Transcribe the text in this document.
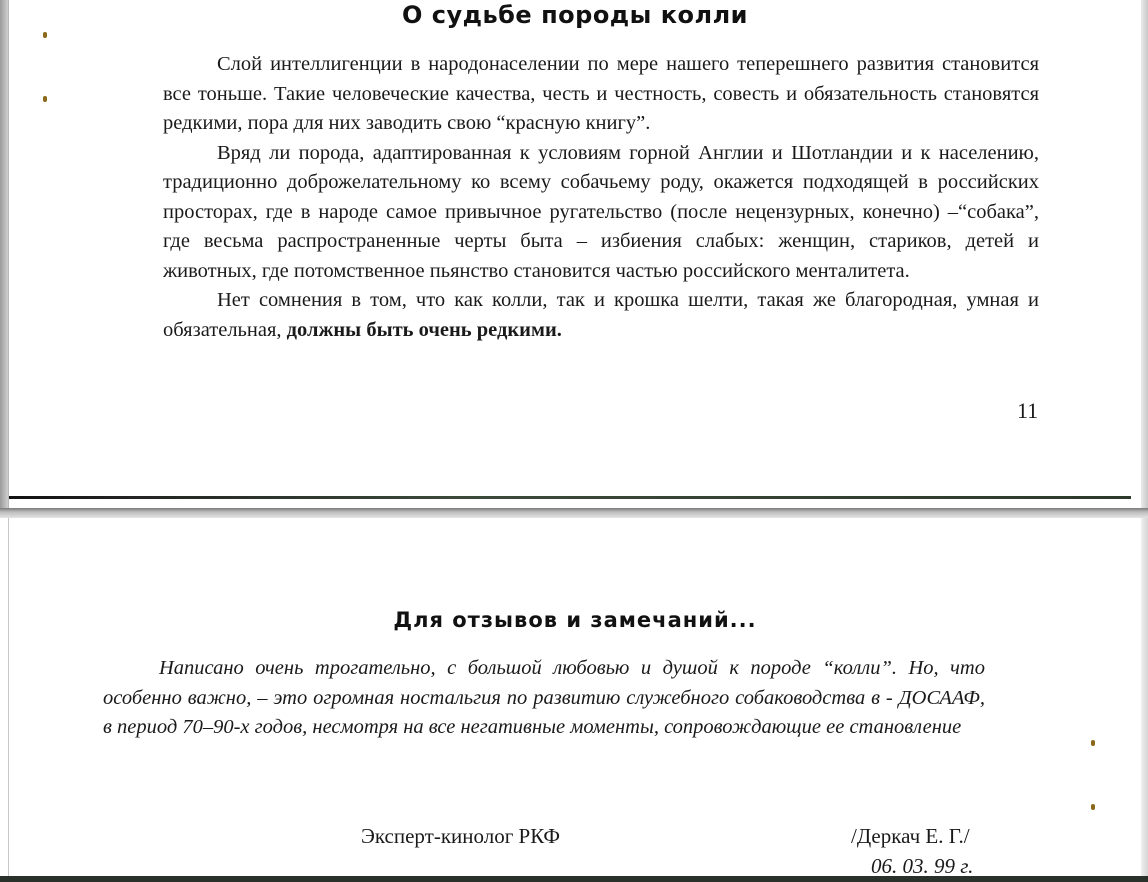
О судьбе породы колли

Слой интеллигенции в народонаселении по мере нашего теперешнего развития становится все тоньше. Такие человеческие качества, честь и честность, совесть и обязательность становятся редкими, пора для них заводить свою “красную книгу”.

Вряд ли порода, адаптированная к условиям горной Англии и Шотландии и к населению, традиционно доброжелательному ко всему собачьему роду, окажется подходящей в российских просторах, где в народе самое привычное ругательство (после нецензурных, конечно) –“собака”, где весьма распространенные черты быта – избиения слабых: женщин, стариков, детей и животных, где потомственное пьянство становится частью российского менталитета.

Нет сомнения в том, что как колли, так и крошка шелти, такая же благородная, умная и обязательная, должны быть очень редкими.

11
Для отзывов и замечаний...

Написано очень трогательно, с большой любовью и душой к породе “колли”. Но, что особенно важно, – это огромная ностальгия по развитию служебного собаководства в - ДОСААФ, в период 70–90-х годов, несмотря на все негативные моменты, сопровождающие ее становление

Эксперт-кинолог РКФ	/Деркач Е. Г./
06. 03. 99 г.
